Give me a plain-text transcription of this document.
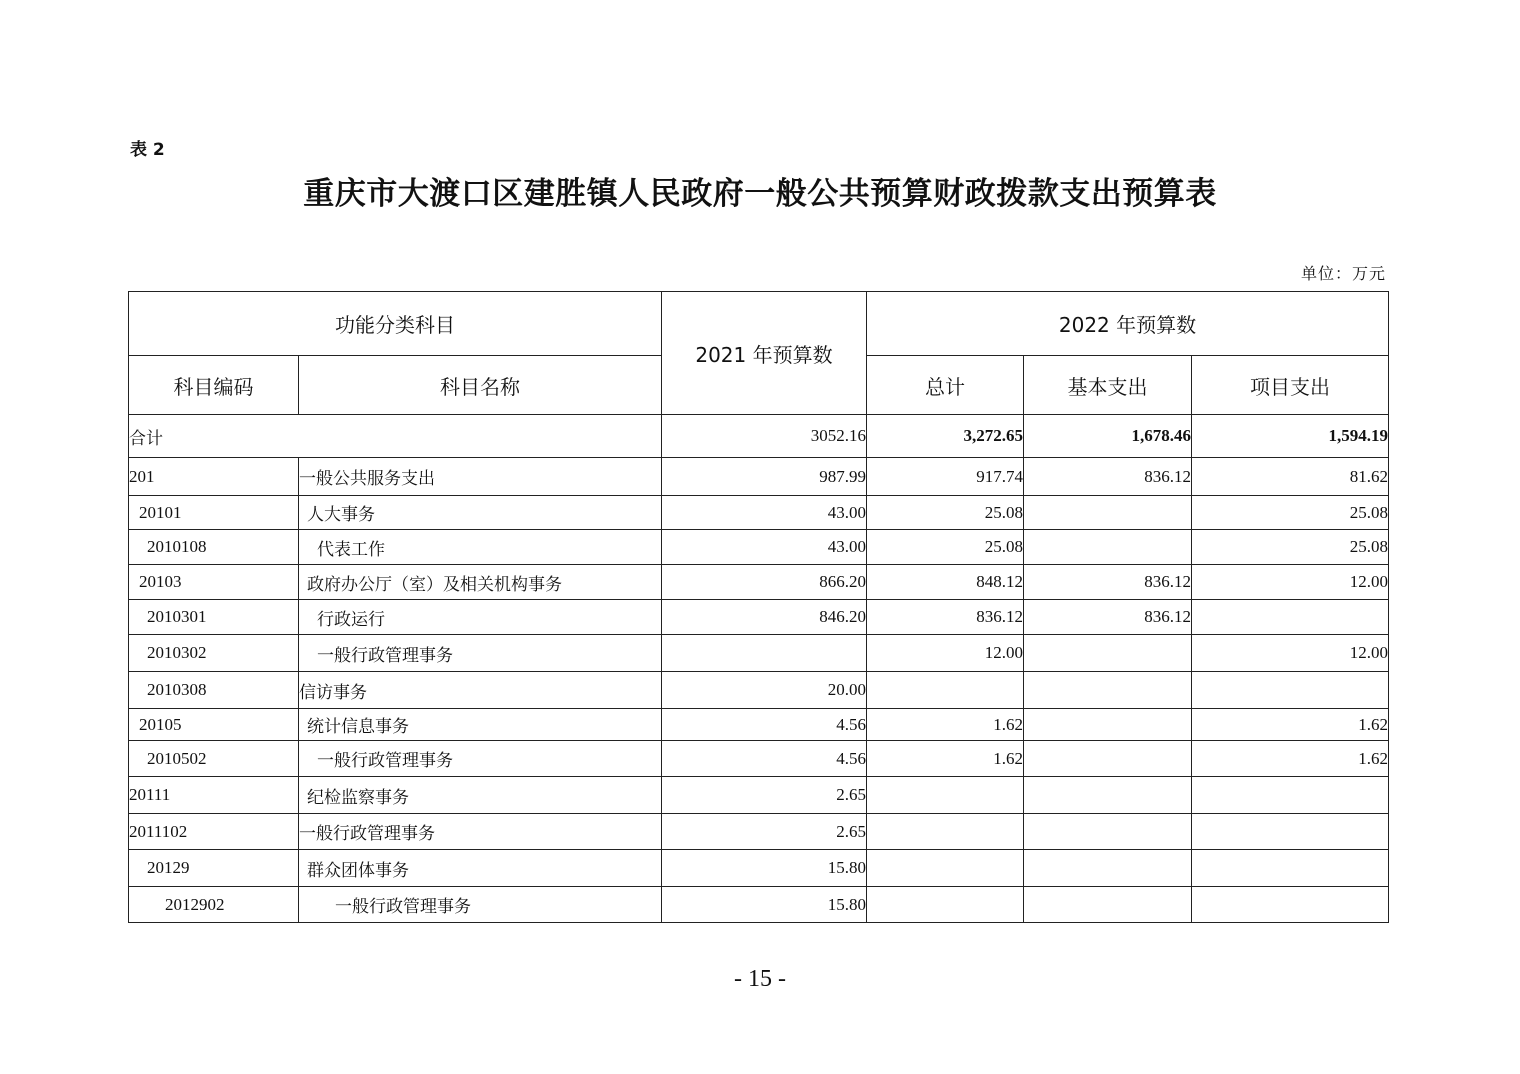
表 2
重庆市大渡口区建胜镇人民政府一般公共预算财政拨款支出预算表
单位：万元
功能分类科目		2021 年预算数	2022 年预算数		
科目编码	科目名称		总计	基本支出	项目支出
合计		3052.16	3,272.65	1,678.46	1,594.19
201	一般公共服务支出	987.99	917.74	836.12	81.62
20101	人大事务	43.00	25.08		25.08
2010108	代表工作	43.00	25.08		25.08
20103	政府办公厅（室）及相关机构事务	866.20	848.12	836.12	12.00
2010301	行政运行	846.20	836.12	836.12	
2010302	一般行政管理事务		12.00		12.00
2010308	信访事务	20.00			
20105	统计信息事务	4.56	1.62		1.62
2010502	一般行政管理事务	4.56	1.62		1.62
20111	纪检监察事务	2.65			
2011102	一般行政管理事务	2.65			
20129	群众团体事务	15.80			
2012902	一般行政管理事务	15.80			
- 15 -
